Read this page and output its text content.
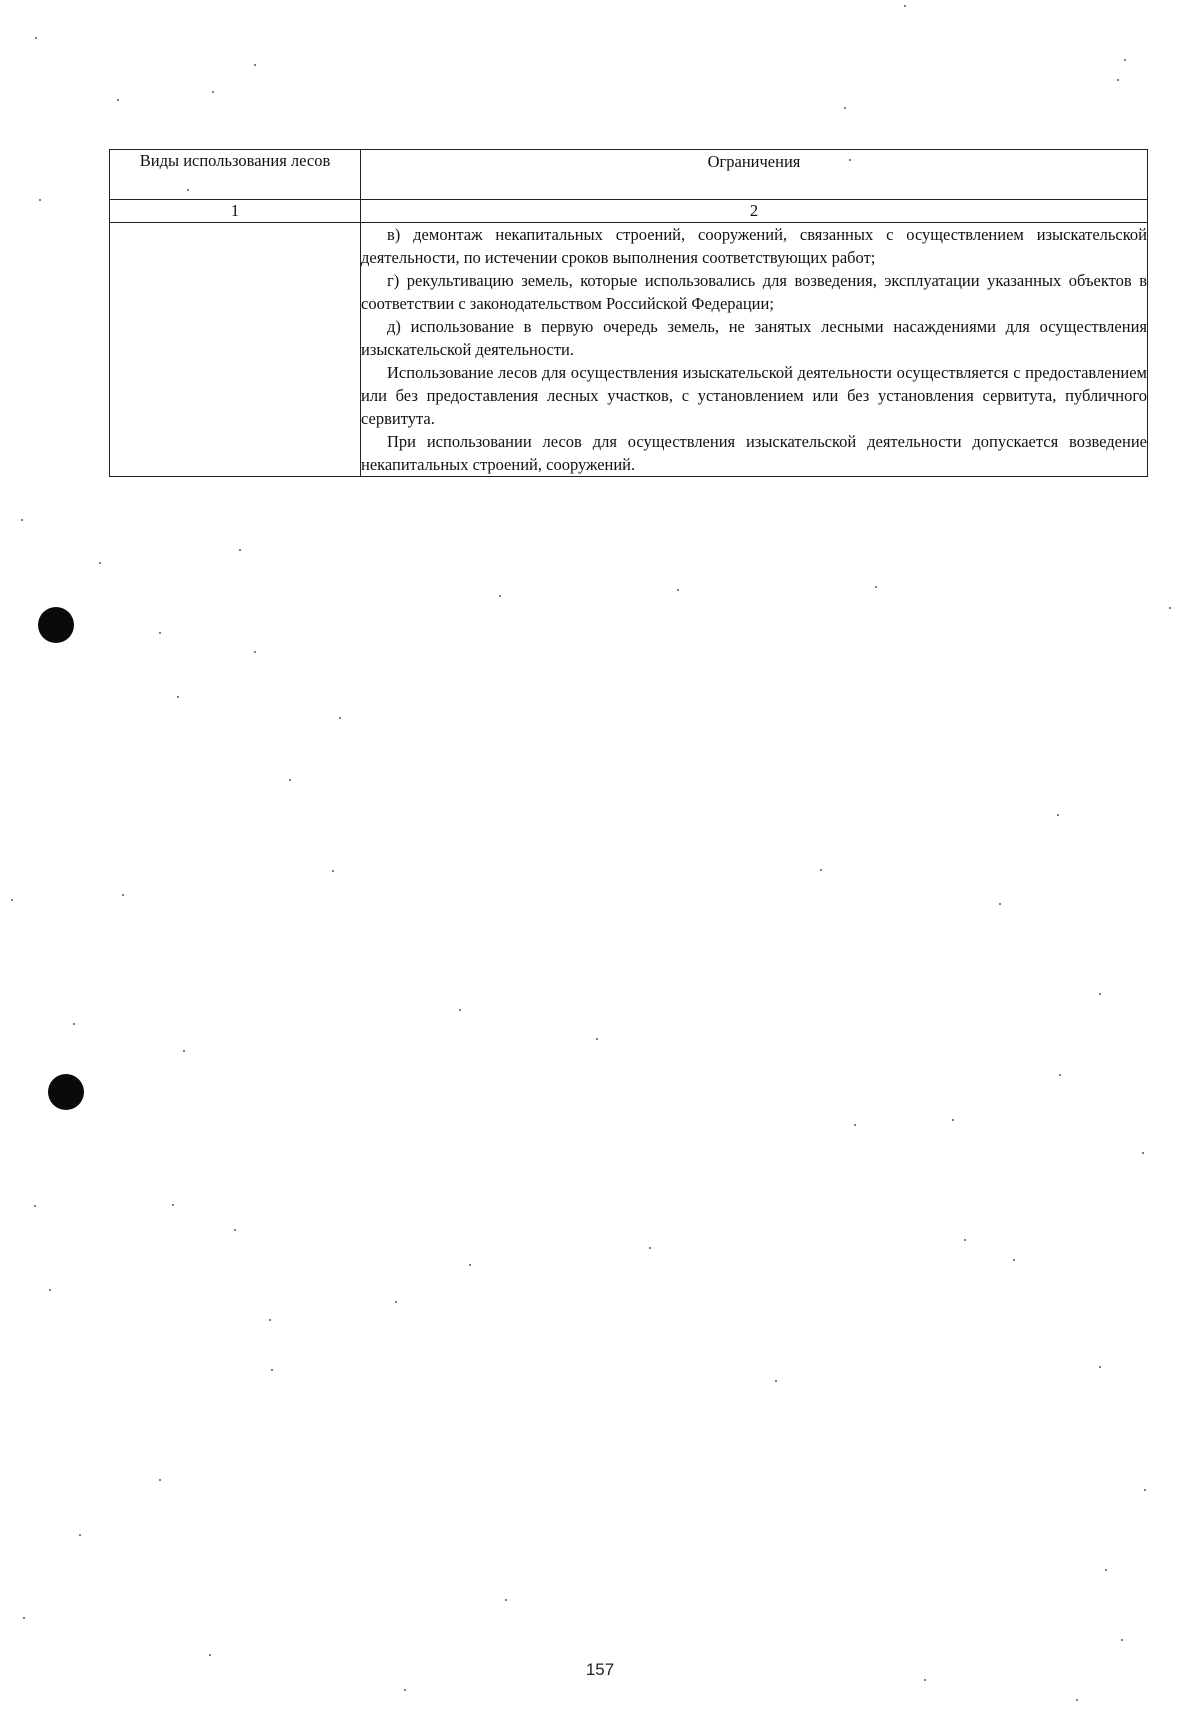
Виды использования лесов	Ограничения
1	2

	в) демонтаж некапитальных строений, сооружений, связанных с осуществлением изыскательской деятельности, по истечении сроков выполнения соответствующих работ;

г) рекультивацию земель, которые использовались для возведения, эксплуатации указанных объектов в соответствии с законодательством Российской Федерации;

д) использование в первую очередь земель, не занятых лесными насаждениями для осуществления изыскательской деятельности.

Использование лесов для осуществления изыскательской деятельности осуществляется с предоставлением или без предоставления лесных участков, с установлением или без установления сервитута, публичного сервитута.

При использовании лесов для осуществления изыскательской деятельности допускается возведение некапитальных строений, сооружений.

157
